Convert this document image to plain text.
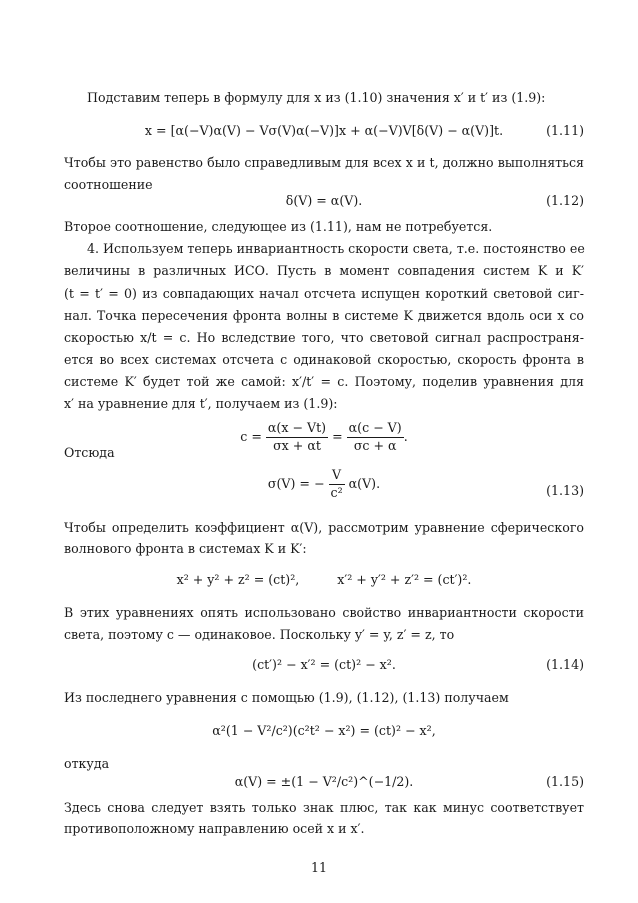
Подставим теперь в формулу для x из (1.10) значения x′ и t′ из (1.9):
x = [α(−V)α(V) − Vσ(V)α(−V)]x + α(−V)V[δ(V) − α(V)]t.	(1.11)
Чтобы это равенство было справедливым для всех x и t, должно выполняться
соотношение
δ(V) = α(V).	(1.12)
Второе соотношение, следующее из (1.11), нам не потребуется.
4. Используем теперь инвариантность скорости света, т.е. постоянство ее
величины в различных ИСО. Пусть в момент совпадения систем K и K′
(t = t′ = 0) из совпадающих начал отсчета испущен короткий световой сиг-
нал. Точка пересечения фронта волны в системе K движется вдоль оси x со
скоростью x/t = c. Но вследствие того, что световой сигнал распространя-
ется во всех системах отсчета с одинаковой скоростью, скорость фронта в
системе K′ будет той же самой: x′/t′ = c. Поэтому, поделив уравнения для
x′ на уравнение для t′, получаем из (1.9):
$c = \frac{\alpha(x - Vt)}{\sigma x + \alpha t} = \frac{\alpha(c - V)}{\sigma c + \alpha}$ .
Отсюда
σ(V) = − $\frac{V}{\text{c²}} \alpha(V)$.	(1.13)
Чтобы определить коэффициент α(V), рассмотрим уравнение сферического
волнового фронта в системах K и K′:
x² + y² + z² = (ct)²,	x′² + y′² + z′² = (ct′)².
В этих уравнениях опять использовано свойство инвариантности скорости
света, поэтому c — одинаковое. Поскольку y′ = y, z′ = z, то
(ct′)² − x′² = (ct)² − x².	(1.14)
Из последнего уравнения с помощью (1.9), (1.12), (1.13) получаем
α²(1 − V²/c²)(c²t² − x²) = (ct)² − x²,
откуда
α(V) = ±(1 − V²/c²)^(−1/2).	(1.15)
Здесь снова следует взять только знак плюс, так как минус соответствует
противоположному направлению осей x и x′.
11
